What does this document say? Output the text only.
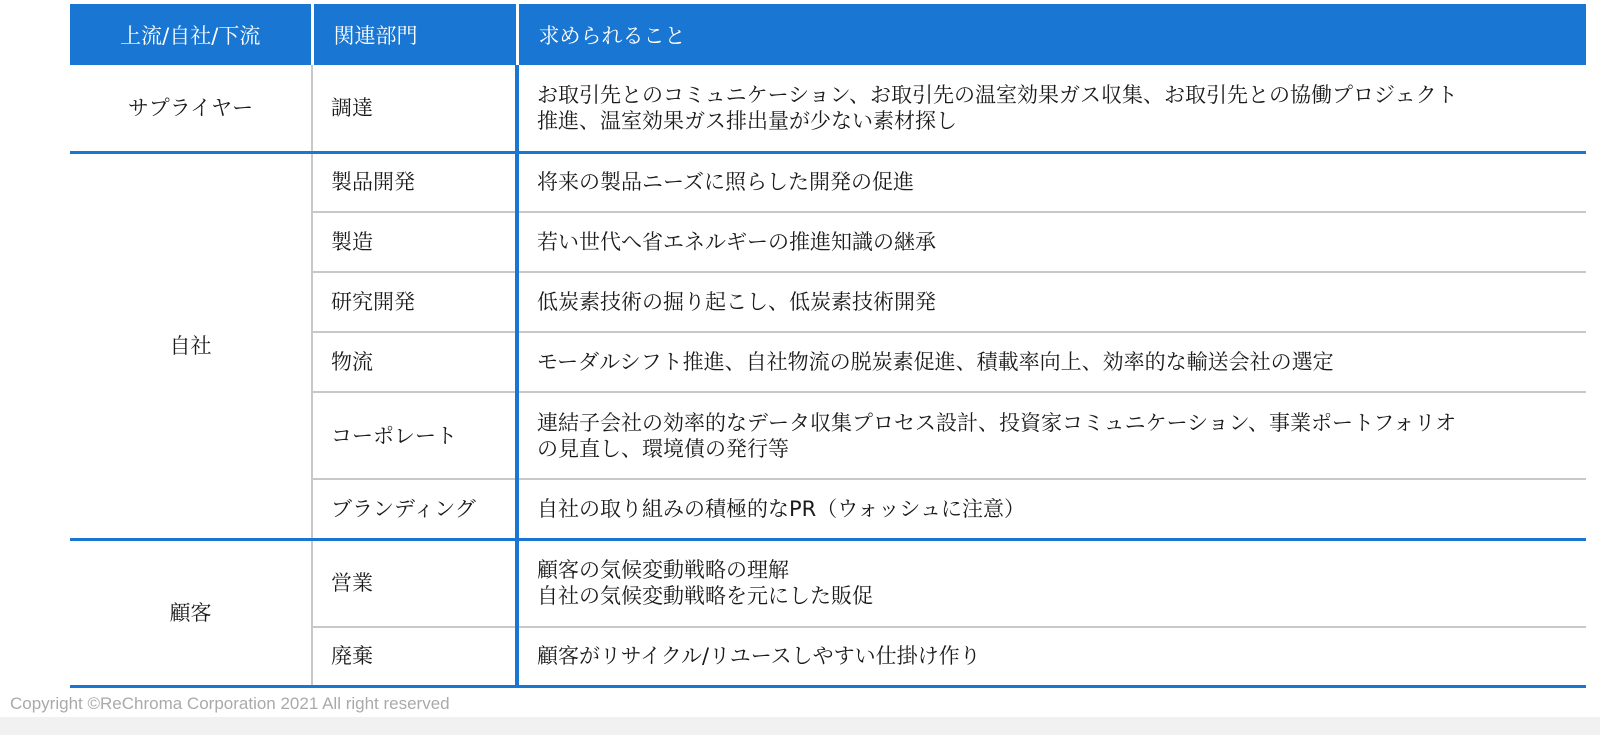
上流/自社/下流	関連部門	求められること
サプライヤー	調達	お取引先とのコミュニケーション、お取引先の温室効果ガス収集、お取引先との協働プロジェクト
推進、温室効果ガス排出量が少ない素材探し

自社	製品開発	将来の製品ニーズに照らした開発の促進

	製造	若い世代へ省エネルギーの推進知識の継承

	研究開発	低炭素技術の掘り起こし、低炭素技術開発

	物流	モーダルシフト推進、自社物流の脱炭素促進、積載率向上、効率的な輸送会社の選定

	コーポレート	連結子会社の効率的なデータ収集プロセス設計、投資家コミュニケーション、事業ポートフォリオ
の見直し、環境債の発行等

	ブランディング	自社の取り組みの積極的なPR（ウォッシュに注意）

顧客	営業	顧客の気候変動戦略の理解
自社の気候変動戦略を元にした販促

	廃棄	顧客がリサイクル/リユースしやすい仕掛け作り
Copyright ©ReChroma Corporation 2021 All right reserved
